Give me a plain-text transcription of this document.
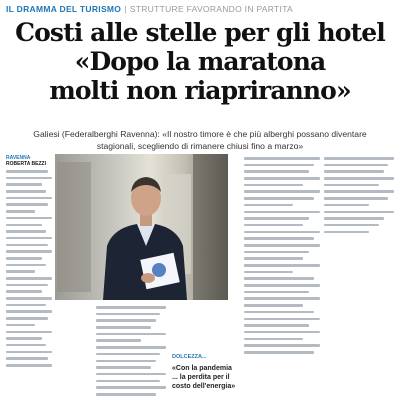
IL DRAMMA DEL TURISMO | STRUTTURE FAVORANDO IN PARTITA
Costi alle stelle per gli hotel
«Dopo la maratona
molti non riapriranno»
Galiesi (Federalberghi Ravenna): «Il nostro timore è che più alberghi possano diventare stagionali, scegliendo di rimanere chiusi fino a marzo»
RAVENNA
ROBERTA BEZZI
DOLCEZZA...
«Con la pandemia ... la perdita per il costo dell'energia»
